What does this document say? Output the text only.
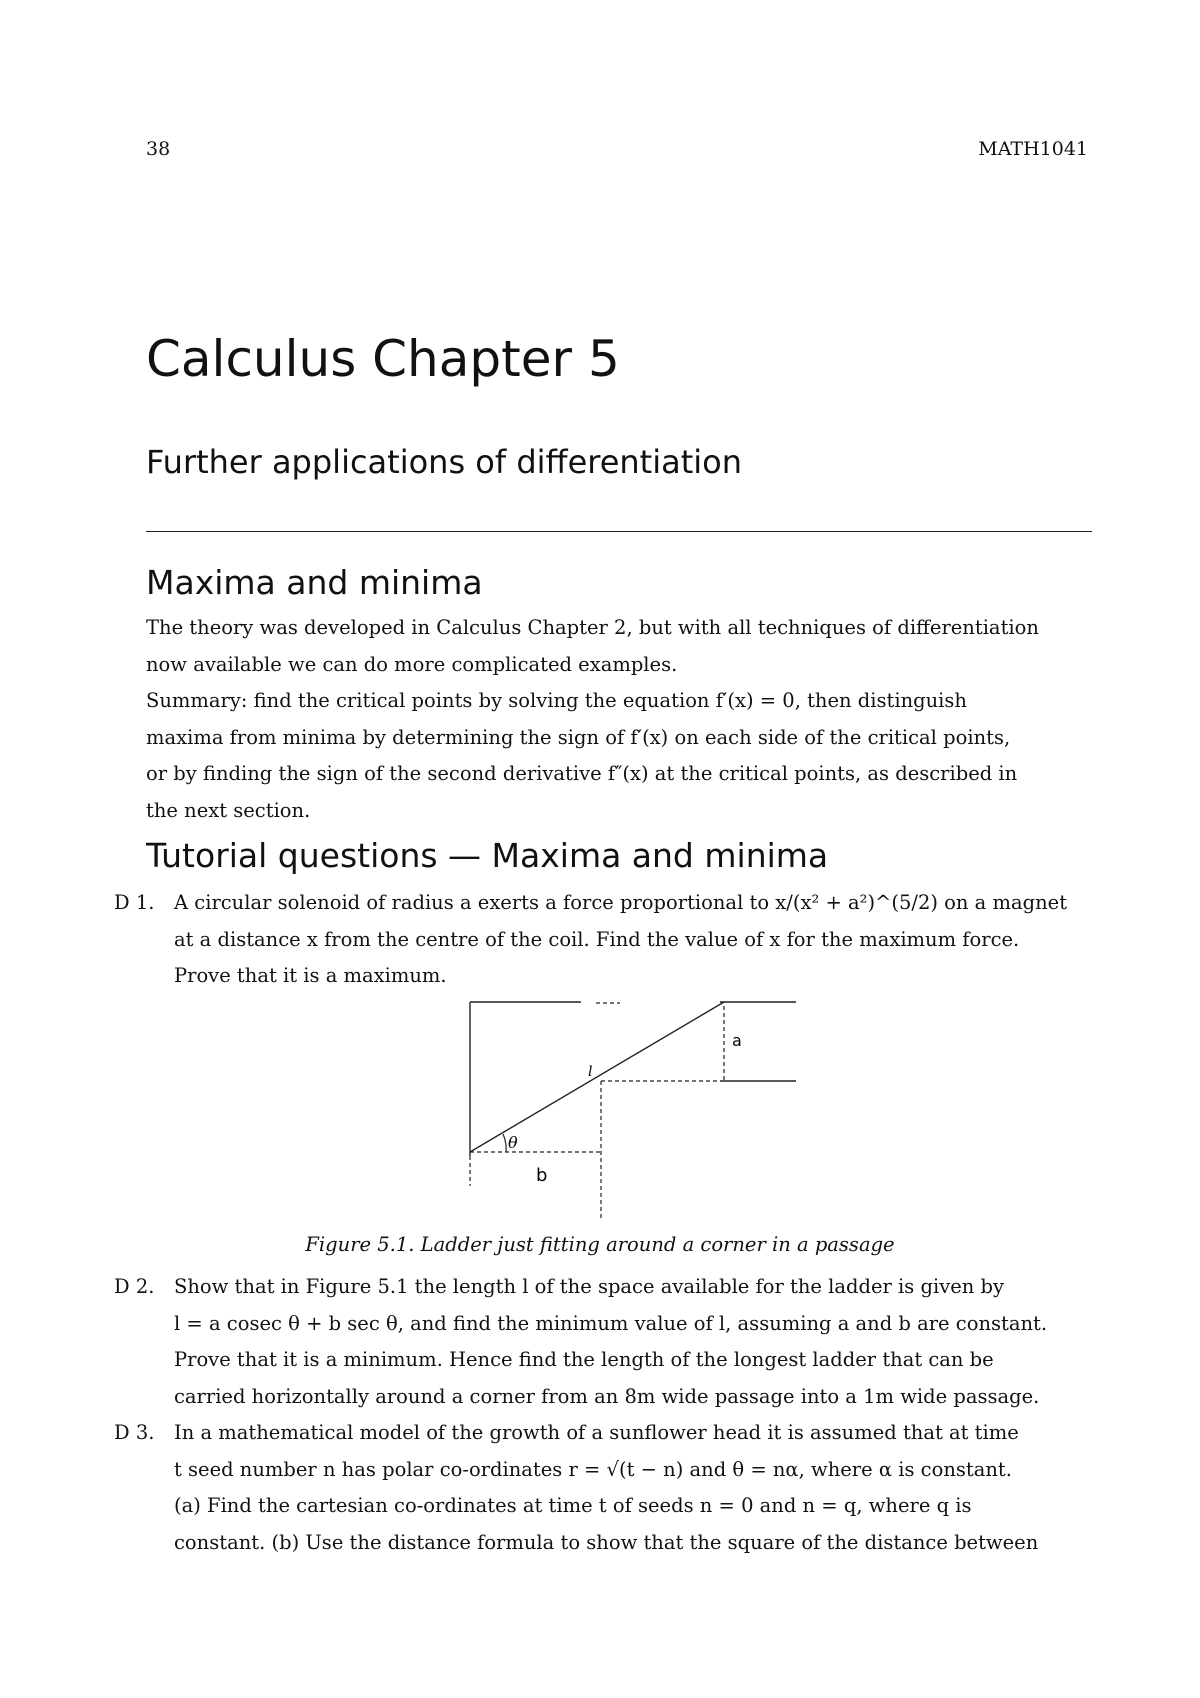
38	MATH1041
Calculus Chapter 5
Further applications of differentiation
Maxima and minima
The theory was developed in Calculus Chapter 2, but with all techniques of differentiation
now available we can do more complicated examples.
Summary: find the critical points by solving the equation f′(x) = 0, then distinguish
maxima from minima by determining the sign of f′(x) on each side of the critical points,
or by finding the sign of the second derivative f″(x) at the critical points, as described in
the next section.
Tutorial questions — Maxima and minima
D 1. A circular solenoid of radius a exerts a force proportional to x/(x² + a²)^(5/2) on a magnet
at a distance x from the centre of the coil. Find the value of x for the maximum force.
Prove that it is a maximum.
a
b
l
θ
Figure 5.1. Ladder just fitting around a corner in a passage
D 2. Show that in Figure 5.1 the length l of the space available for the ladder is given by
l = a cosec θ + b sec θ, and find the minimum value of l, assuming a and b are constant.
Prove that it is a minimum. Hence find the length of the longest ladder that can be
carried horizontally around a corner from an 8m wide passage into a 1m wide passage.
D 3. In a mathematical model of the growth of a sunflower head it is assumed that at time
t seed number n has polar co-ordinates r = √(t − n) and θ = nα, where α is constant.
(a) Find the cartesian co-ordinates at time t of seeds n = 0 and n = q, where q is
constant. (b) Use the distance formula to show that the square of the distance between
